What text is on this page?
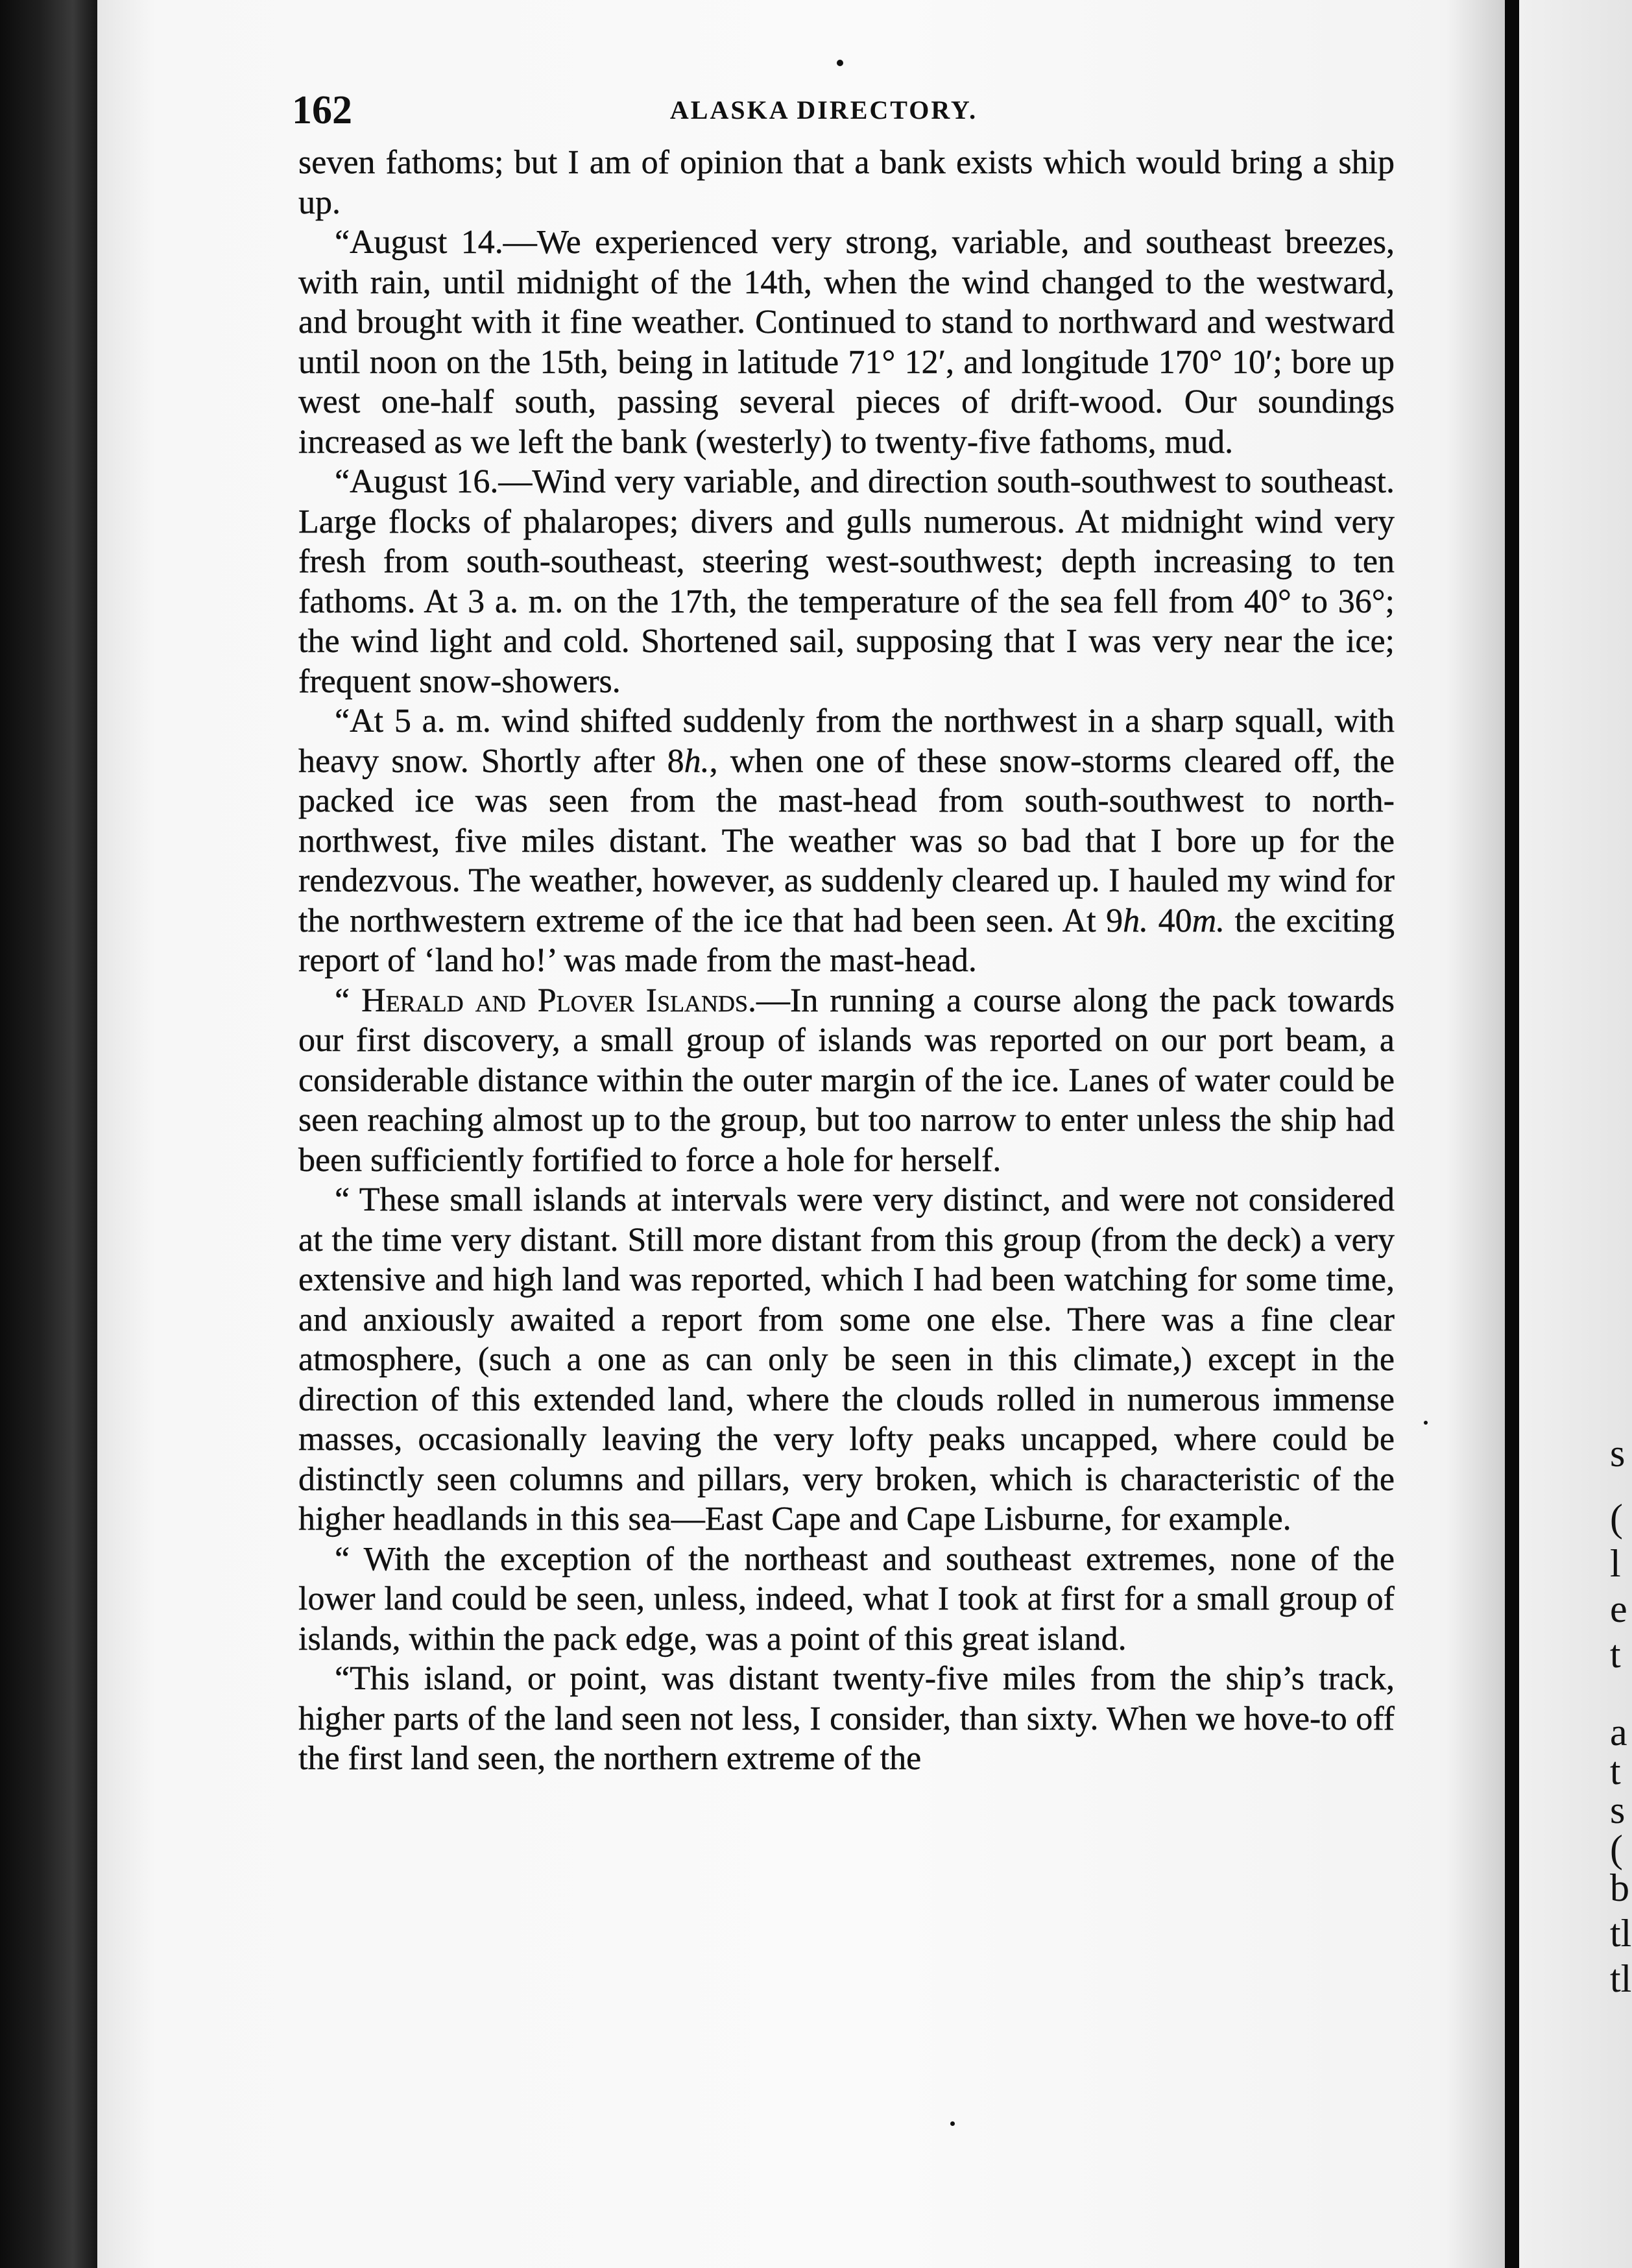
s
(
l
e
t
a
t
s
(
b
tl
tl
162	ALASKA DIRECTORY.

seven fathoms; but I am of opinion that a bank exists which would bring a ship up.

“August 14.—We experienced very strong, variable, and southeast breezes, with rain, until midnight of the 14th, when the wind changed to the westward, and brought with it fine weather. Continued to stand to northward and westward until noon on the 15th, being in latitude 71° 12′, and longitude 170° 10′; bore up west one-half south, passing several pieces of drift-wood. Our soundings increased as we left the bank (westerly) to twenty-five fathoms, mud.

“August 16.—Wind very variable, and direction south-southwest to southeast. Large flocks of phalaropes; divers and gulls numerous. At midnight wind very fresh from south-southeast, steering west-southwest; depth increasing to ten fathoms. At 3 a. m. on the 17th, the temperature of the sea fell from 40° to 36°; the wind light and cold. Shortened sail, supposing that I was very near the ice; frequent snow-showers.

“At 5 a. m. wind shifted suddenly from the northwest in a sharp squall, with heavy snow. Shortly after 8h., when one of these snow-storms cleared off, the packed ice was seen from the mast-head from south-southwest to north-northwest, five miles distant. The weather was so bad that I bore up for the rendezvous. The weather, however, as suddenly cleared up. I hauled my wind for the northwestern extreme of the ice that had been seen. At 9h. 40m. the exciting report of ‘land ho!’ was made from the mast-head.

“ Herald and Plover Islands.—In running a course along the pack towards our first discovery, a small group of islands was reported on our port beam, a considerable distance within the outer margin of the ice. Lanes of water could be seen reaching almost up to the group, but too narrow to enter unless the ship had been sufficiently fortified to force a hole for herself.

“ These small islands at intervals were very distinct, and were not considered at the time very distant. Still more distant from this group (from the deck) a very extensive and high land was reported, which I had been watching for some time, and anxiously awaited a report from some one else. There was a fine clear atmosphere, (such a one as can only be seen in this climate,) except in the direction of this extended land, where the clouds rolled in numerous immense masses, occasionally leaving the very lofty peaks uncapped, where could be distinctly seen columns and pillars, very broken, which is characteristic of the higher headlands in this sea—East Cape and Cape Lisburne, for example.

“ With the exception of the northeast and southeast extremes, none of the lower land could be seen, unless, indeed, what I took at first for a small group of islands, within the pack edge, was a point of this great island.

“This island, or point, was distant twenty-five miles from the ship’s track, higher parts of the land seen not less, I consider, than sixty. When we hove-to off the first land seen, the northern extreme of the
